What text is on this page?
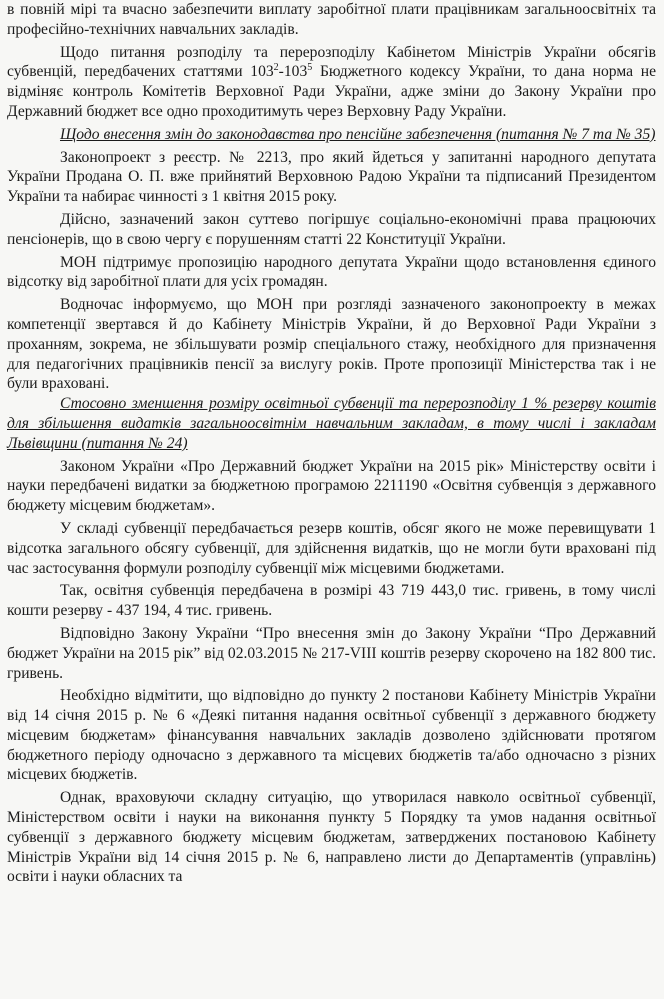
в повній мірі та вчасно забезпечити виплату заробітної плати працівникам загальноосвітніх та професійно-технічних навчальних закладів.

Щодо питання розподілу та перерозподілу Кабінетом Міністрів України обсягів субвенцій, передбачених статтями $103^2-103^5$ Бюджетного кодексу України, то дана норма не відміняє контроль Комітетів Верховної Ради України, адже зміни до Закону України про Державний бюджет все одно проходитимуть через Верховну Раду України.

Щодо внесення змін до законодавства про пенсійне забезпечення (питання № 7 та № 35)

Законопроект з реєстр. № 2213, про який йдеться у запитанні народного депутата України Продана О. П. вже прийнятий Верховною Радою України та підписаний Президентом України та набирає чинності з 1 квітня 2015 року.

Дійсно, зазначений закон суттево погіршує соціально-економічні права працюючих пенсіонерів, що в свою чергу є порушенням статті 22 Конституції України.

МОН підтримує пропозицію народного депутата України щодо встановлення єдиного відсотку від заробітної плати для усіх громадян.

Водночас інформуємо, що МОН при розгляді зазначеного законопроекту в межах компетенції звертався й до Кабінету Міністрів України, й до Верховної Ради України з проханням, зокрема, не збільшувати розмір спеціального стажу, необхідного для призначення для педагогічних працівників пенсії за вислугу років. Проте пропозиції Міністерства так і не були враховані.

Стосовно зменшення розміру освітньої субвенції та перерозподілу 1 % резерву коштів для збільшення видатків загальноосвітнім навчальним закладам, в тому числі і закладам Львівщини (питання № 24)

Законом України «Про Державний бюджет України на 2015 рік» Міністерству освіти і науки передбачені видатки за бюджетною програмою 2211190 «Освітня субвенція з державного бюджету місцевим бюджетам».

У складі субвенції передбачається резерв коштів, обсяг якого не може перевищувати 1 відсотка загального обсягу субвенції, для здійснення видатків, що не могли бути враховані під час застосування формули розподілу субвенції між місцевими бюджетами.

Так, освітня субвенція передбачена в розмірі 43 719 443,0 тис. гривень, в тому числі кошти резерву - 437 194, 4 тис. гривень.

Відповідно Закону України “Про внесення змін до Закону України “Про Державний бюджет України на 2015 рік” від 02.03.2015 № 217-VIII коштів резерву скорочено на 182 800 тис. гривень.

Необхідно відмітити, що відповідно до пункту 2 постанови Кабінету Міністрів України від 14 січня 2015 р. № 6 «Деякі питання надання освітньої субвенції з державного бюджету місцевим бюджетам» фінансування навчальних закладів дозволено здійснювати протягом бюджетного періоду одночасно з державного та місцевих бюджетів та/або одночасно з різних місцевих бюджетів.

Однак, враховуючи складну ситуацію, що утворилася навколо освітньої субвенції, Міністерством освіти і науки на виконання пункту 5 Порядку та умов надання освітньої субвенції з державного бюджету місцевим бюджетам, затверджених постановою Кабінету Міністрів України від 14 січня 2015 р. № 6, направлено листи до Департаментів (управлінь) освіти і науки обласних та
